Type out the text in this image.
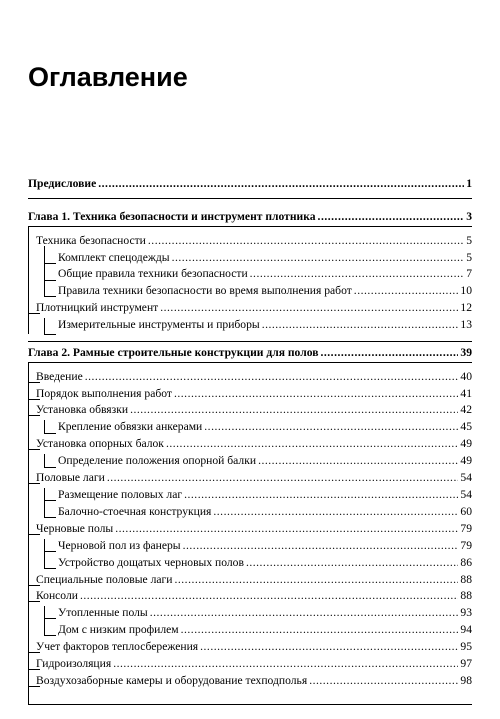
Оглавление
Предисловие .....	1
Глава 1. Техника безопасности и инструмент плотника .....	3
Техника безопасности .....	5
Комплект спецодежды .....	5
Общие правила техники безопасности .....	7
Правила техники безопасности во время выполнения работ .....	10
Плотницкий инструмент .....	12
Измерительные инструменты и приборы .....	13
Глава 2. Рамные строительные конструкции для полов .....	39
Введение .....	40
Порядок выполнения работ .....	41
Установка обвязки .....	42
Крепление обвязки анкерами .....	45
Установка опорных балок .....	49
Определение положения опорной балки .....	49
Половые лаги .....	54
Размещение половых лаг .....	54
Балочно-стоечная конструкция .....	60
Черновые полы .....	79
Черновой пол из фанеры .....	79
Устройство дощатых черновых полов .....	86
Специальные половые лаги .....	88
Консоли .....	88
Утопленные полы .....	93
Дом с низким профилем .....	94
Учет факторов теплосбережения .....	95
Гидроизоляция .....	97
Воздухозаборные камеры и оборудование техподполья .....	98
